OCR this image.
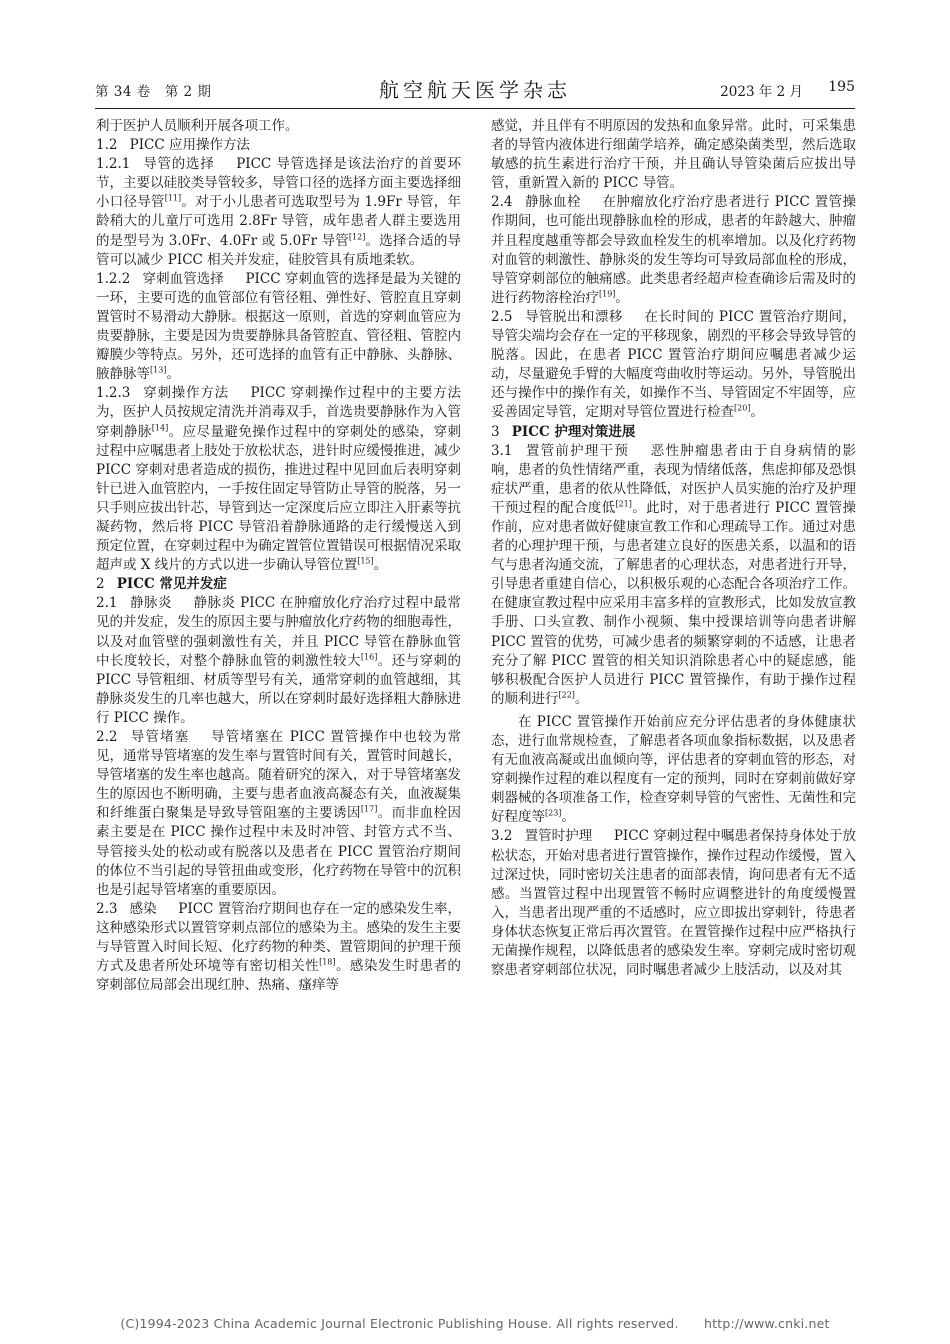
第 34 卷　第 2 期	航空航天医学杂志	2023 年 2 月 195

利于医护人员顺利开展各项工作。

1.2 PICC 应用操作方法

1.2.1 导管的选择 PICC 导管选择是该法治疗的首要环节，主要以硅胶类导管较多，导管口径的选择方面主要选择细小口径导管[11]。对于小儿患者可选取型号为 1.9Fr 导管，年龄稍大的儿童厅可选用 2.8Fr 导管，成年患者人群主要选用的是型号为 3.0Fr、4.0Fr 或 5.0Fr 导管[12]。选择合适的导管可以减少 PICC 相关并发症，硅胶管具有质地柔软。

1.2.2 穿刺血管选择 PICC 穿刺血管的选择是最为关键的一环，主要可选的血管部位有管径粗、弹性好、管腔直且穿刺置管时不易滑动大静脉。根据这一原则，首选的穿刺血管应为贵要静脉，主要是因为贵要静脉具备管腔直、管径粗、管腔内瓣膜少等特点。另外，还可选择的血管有正中静脉、头静脉、腋静脉等[13]。

1.2.3 穿刺操作方法 PICC 穿刺操作过程中的主要方法为，医护人员按规定清洗并消毒双手，首选贵要静脉作为入管穿刺静脉[14]。应尽量避免操作过程中的穿刺处的感染，穿刺过程中应嘱患者上肢处于放松状态，进针时应缓慢推进，减少 PICC 穿刺对患者造成的损伤，推进过程中见回血后表明穿刺针已进入血管腔内，一手按住固定导管防止导管的脱落，另一只手则应拔出针芯，导管到达一定深度后应立即注入肝素等抗凝药物，然后将 PICC 导管沿着静脉通路的走行缓慢送入到预定位置，在穿刺过程中为确定置管位置错误可根据情况采取超声或 X 线片的方式以进一步确认导管位置[15]。

2 PICC 常见并发症

2.1 静脉炎 静脉炎 PICC 在肿瘤放化疗治疗过程中最常见的并发症，发生的原因主要与肿瘤放化疗药物的细胞毒性，以及对血管壁的强刺激性有关，并且 PICC 导管在静脉血管中长度较长，对整个静脉血管的刺激性较大[16]。还与穿刺的 PICC 导管粗细、材质等型号有关，通常穿刺的血管越细，其静脉炎发生的几率也越大，所以在穿刺时最好选择粗大静脉进行 PICC 操作。

2.2 导管堵塞 导管堵塞在 PICC 置管操作中也较为常见，通常导管堵塞的发生率与置管时间有关，置管时间越长，导管堵塞的发生率也越高。随着研究的深入，对于导管堵塞发生的原因也不断明确，主要与患者血液高凝态有关，血液凝集和纤维蛋白聚集是导致导管阻塞的主要诱因[17]。而非血栓因素主要是在 PICC 操作过程中未及时冲管、封管方式不当、导管接头处的松动或有脱落以及患者在 PICC 置管治疗期间的体位不当引起的导管扭曲或变形，化疗药物在导管中的沉积也是引起导管堵塞的重要原因。

2.3 感染 PICC 置管治疗期间也存在一定的感染发生率，这种感染形式以置管穿刺点部位的感染为主。感染的发生主要与导管置入时间长短、化疗药物的种类、置管期间的护理干预方式及患者所处环境等有密切相关性[18]。感染发生时患者的穿刺部位局部会出现红肿、热痛、瘙痒等

感觉，并且伴有不明原因的发热和血象异常。此时，可采集患者的导管内液体进行细菌学培养，确定感染菌类型，然后选取敏感的抗生素进行治疗干预，并且确认导管染菌后应拔出导管，重新置入新的 PICC 导管。

2.4 静脉血栓 在肿瘤放化疗治疗患者进行 PICC 置管操作期间，也可能出现静脉血栓的形成，患者的年龄越大、肿瘤并且程度越重等都会导致血栓发生的机率增加。以及化疗药物对血管的刺激性、静脉炎的发生等均可导致局部血栓的形成，导管穿刺部位的触痛感。此类患者经超声检查确诊后需及时的进行药物溶栓治疗[19]。

2.5 导管脱出和漂移 在长时间的 PICC 置管治疗期间，导管尖端均会存在一定的平移现象，剧烈的平移会导致导管的脱落。因此，在患者 PICC 置管治疗期间应嘱患者减少运动，尽量避免手臂的大幅度弯曲收肘等运动。另外，导管脱出还与操作中的操作有关，如操作不当、导管固定不牢固等，应妥善固定导管，定期对导管位置进行检查[20]。

3 PICC 护理对策进展

3.1 置管前护理干预 恶性肿瘤患者由于自身病情的影响，患者的负性情绪严重，表现为情绪低落，焦虑抑郁及恐惧症状严重，患者的依从性降低，对医护人员实施的治疗及护理干预过程的配合度低[21]。此时，对于患者进行 PICC 置管操作前，应对患者做好健康宣教工作和心理疏导工作。通过对患者的心理护理干预，与患者建立良好的医患关系，以温和的语气与患者沟通交流，了解患者的心理状态，对患者进行开导，引导患者重建自信心，以积极乐观的心态配合各项治疗工作。在健康宣教过程中应采用丰富多样的宣教形式，比如发放宣教手册、口头宣教、制作小视频、集中授课培训等向患者讲解 PICC 置管的优势，可减少患者的频繁穿刺的不适感，让患者充分了解 PICC 置管的相关知识消除患者心中的疑虑感，能够积极配合医护人员进行 PICC 置管操作，有助于操作过程的顺利进行[22]。

在 PICC 置管操作开始前应充分评估患者的身体健康状态，进行血常规检查，了解患者各项血象指标数据，以及患者有无血液高凝或出血倾向等，评估患者的穿刺血管的形态，对穿刺操作过程的难以程度有一定的预判，同时在穿刺前做好穿刺器械的各项准备工作，检查穿刺导管的气密性、无菌性和完好程度等[23]。

3.2 置管时护理 PICC 穿刺过程中嘱患者保持身体处于放松状态，开始对患者进行置管操作，操作过程动作缓慢，置入过深过快，同时密切关注患者的面部表情，询问患者有无不适感。当置管过程中出现置管不畅时应调整进针的角度缓慢置入，当患者出现严重的不适感时，应立即拔出穿刺针，待患者身体状态恢复正常后再次置管。在置管操作过程中应严格执行无菌操作规程，以降低患者的感染发生率。穿刺完成时密切观察患者穿刺部位状况，同时嘱患者减少上肢活动，以及对其

(C)1994-2023 China Academic Journal Electronic Publishing House. All rights reserved.　　http://www.cnki.net
